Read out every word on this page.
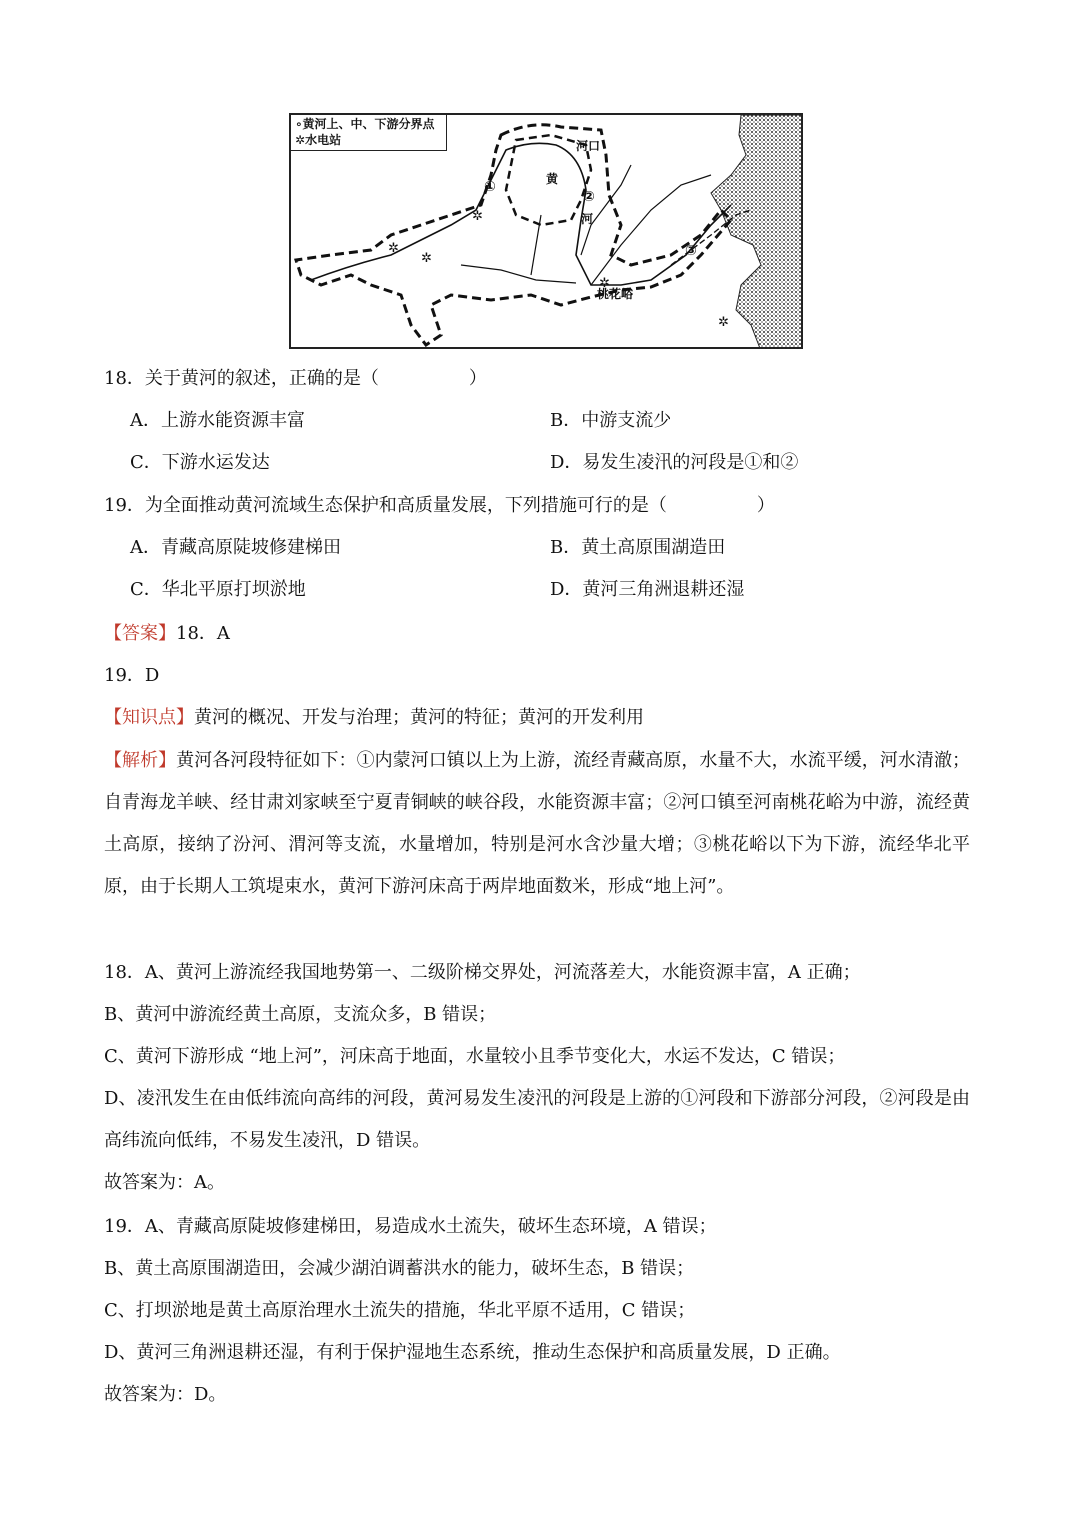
✲
✲
✲
✲
✲
∘黄河上、中、下游分界点
✲水电站	河口
黄
河
②
①
③
桃花峪
18．关于黄河的叙述，正确的是（　　　　　）
A．上游水能资源丰富	B．中游支流少
C．下游水运发达	D．易发生凌汛的河段是①和②
19．为全面推动黄河流域生态保护和高质量发展，下列措施可行的是（　　　　　）
A．青藏高原陡坡修建梯田	B．黄土高原围湖造田
C．华北平原打坝淤地	D．黄河三角洲退耕还湿
【答案】18．A
19．D
【知识点】黄河的概况、开发与治理；黄河的特征；黄河的开发利用
【解析】黄河各河段特征如下：①内蒙河口镇以上为上游，流经青藏高原，水量不大，水流平缓，河水清澈；自青海龙羊峡、经甘肃刘家峡至宁夏青铜峡的峡谷段，水能资源丰富；②河口镇至河南桃花峪为中游，流经黄土高原，接纳了汾河、渭河等支流，水量增加，特别是河水含沙量大增；③桃花峪以下为下游，流经华北平原，由于长期人工筑堤束水，黄河下游河床高于两岸地面数米，形成“地上河”。
18．A、黄河上游流经我国地势第一、二级阶梯交界处，河流落差大，水能资源丰富，A 正确；
B、黄河中游流经黄土高原，支流众多，B 错误；
C、黄河下游形成 “地上河”，河床高于地面，水量较小且季节变化大，水运不发达，C 错误；
D、凌汛发生在由低纬流向高纬的河段，黄河易发生凌汛的河段是上游的①河段和下游部分河段，②河段是由高纬流向低纬，不易发生凌汛，D 错误。
故答案为：A。
19．A、青藏高原陡坡修建梯田，易造成水土流失，破坏生态环境，A 错误；
B、黄土高原围湖造田，会减少湖泊调蓄洪水的能力，破坏生态，B 错误；
C、打坝淤地是黄土高原治理水土流失的措施，华北平原不适用，C 错误；
D、黄河三角洲退耕还湿，有利于保护湿地生态系统，推动生态保护和高质量发展，D 正确。
故答案为：D。
